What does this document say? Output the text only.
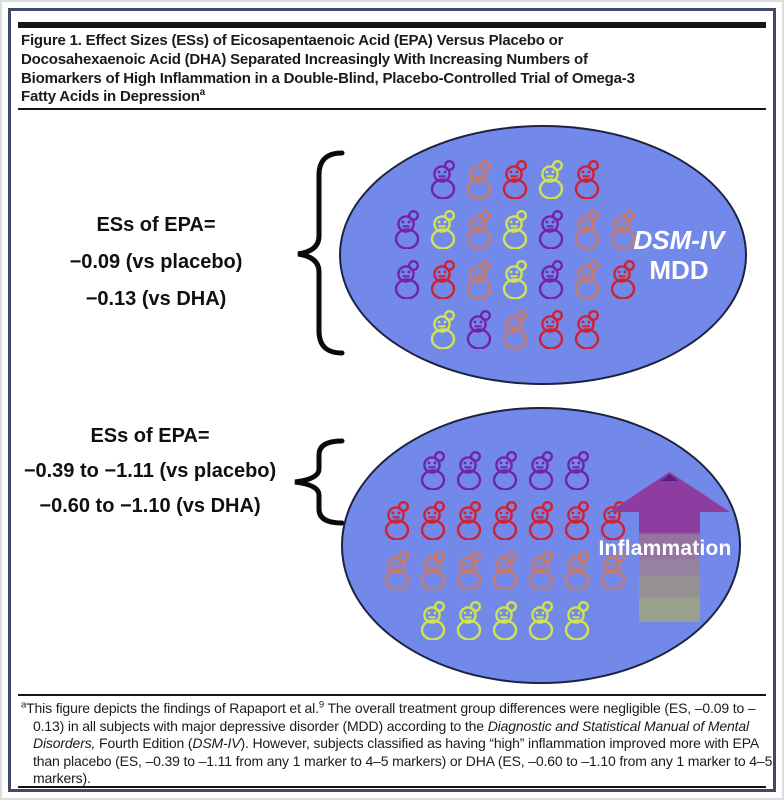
Figure 1. Effect Sizes (ESs) of Eicosapentaenoic Acid (EPA) Versus Placebo or
Docosahexaenoic Acid (DHA) Separated Increasingly With Increasing Numbers of
Biomarkers of High Inflammation in a Double-Blind, Placebo-Controlled Trial of Omega-3
Fatty Acids in Depression$^a$
ESs of EPA=
−0.09 (vs placebo)
−0.13 (vs DHA)
DSM-IV
MDD
ESs of EPA=
−0.39 to −1.11 (vs placebo)
−0.60 to −1.10 (vs DHA)
Inflammation
$^a$This figure depicts the findings of Rapaport et al.$^9$ The overall treatment group differences were negligible (ES, –0.09 to –0.13) in all subjects with major depressive disorder (MDD) according to the Diagnostic and Statistical Manual of Mental Disorders, Fourth Edition (DSM-IV). However, subjects classified as having “high” inflammation improved more with EPA than placebo (ES, –0.39 to –1.11 from any 1 marker to 4–5 markers) or DHA (ES, –0.60 to –1.10 from any 1 marker to 4–5 markers).
